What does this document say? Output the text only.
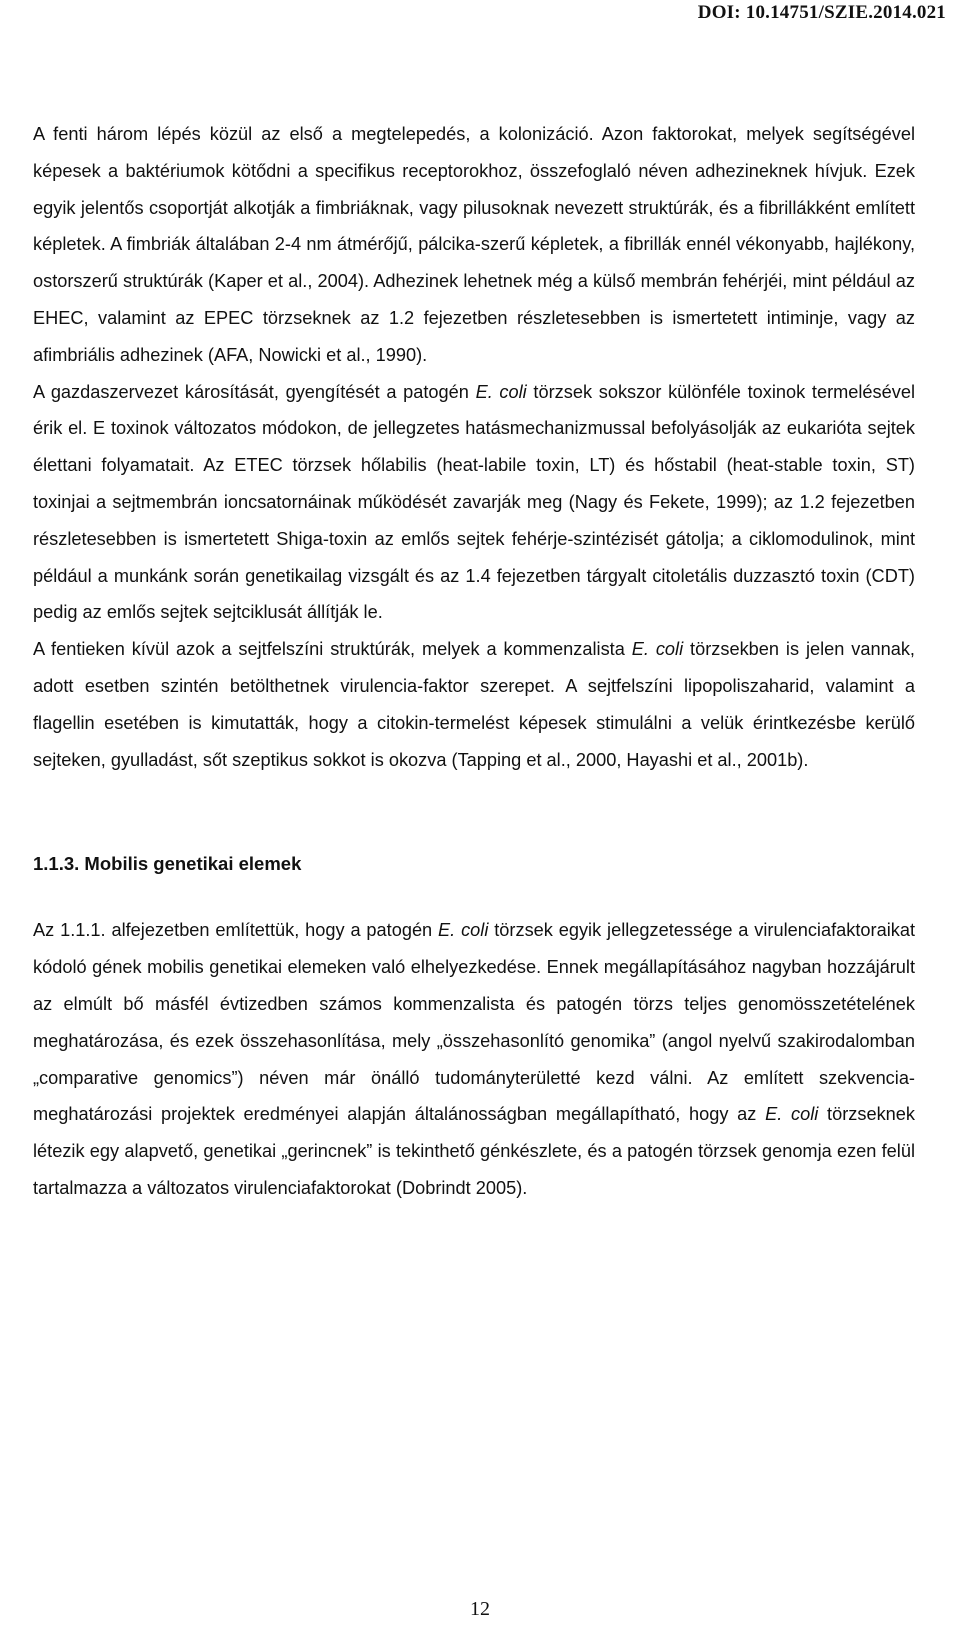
DOI: 10.14751/SZIE.2014.021

A fenti három lépés közül az első a megtelepedés, a kolonizáció. Azon faktorokat, melyek segítségével képesek a baktériumok kötődni a specifikus receptorokhoz, összefoglaló néven adhezineknek hívjuk. Ezek egyik jelentős csoportját alkotják a fimbriáknak, vagy pilusoknak nevezett struktúrák, és a fibrillákként említett képletek. A fimbriák általában 2-4 nm átmérőjű, pálcika-szerű képletek, a fibrillák ennél vékonyabb, hajlékony, ostorszerű struktúrák (Kaper et al., 2004). Adhezinek lehetnek még a külső membrán fehérjéi, mint például az EHEC, valamint az EPEC törzseknek az 1.2 fejezetben részletesebben is ismertetett intiminje, vagy az afimbriális adhezinek (AFA, Nowicki et al., 1990).

A gazdaszervezet károsítását, gyengítését a patogén E. coli törzsek sokszor különféle toxinok termelésével érik el. E toxinok változatos módokon, de jellegzetes hatásmechanizmussal befolyásolják az eukarióta sejtek élettani folyamatait. Az ETEC törzsek hőlabilis (heat-labile toxin, LT) és hőstabil (heat-stable toxin, ST) toxinjai a sejtmembrán ioncsatornáinak működését zavarják meg (Nagy és Fekete, 1999); az 1.2 fejezetben részletesebben is ismertetett Shiga-toxin az emlős sejtek fehérje-szintézisét gátolja; a ciklomodulinok, mint például a munkánk során genetikailag vizsgált és az 1.4 fejezetben tárgyalt citoletális duzzasztó toxin (CDT) pedig az emlős sejtek sejtciklusát állítják le.

A fentieken kívül azok a sejtfelszíni struktúrák, melyek a kommenzalista E. coli törzsekben is jelen vannak, adott esetben szintén betölthetnek virulencia-faktor szerepet. A sejtfelszíni lipopoliszaharid, valamint a flagellin esetében is kimutatták, hogy a citokin-termelést képesek stimulálni a velük érintkezésbe kerülő sejteken, gyulladást, sőt szeptikus sokkot is okozva (Tapping et al., 2000, Hayashi et al., 2001b).

1.1.3. Mobilis genetikai elemek

Az 1.1.1. alfejezetben említettük, hogy a patogén E. coli törzsek egyik jellegzetessége a virulenciafaktoraikat kódoló gének mobilis genetikai elemeken való elhelyezkedése. Ennek megállapításához nagyban hozzájárult az elmúlt bő másfél évtizedben számos kommenzalista és patogén törzs teljes genomösszetételének meghatározása, és ezek összehasonlítása, mely „összehasonlító genomika” (angol nyelvű szakirodalomban „comparative genomics”) néven már önálló tudományterületté kezd válni. Az említett szekvencia-meghatározási projektek eredményei alapján általánosságban megállapítható, hogy az E. coli törzseknek létezik egy alapvető, genetikai „gerincnek” is tekinthető génkészlete, és a patogén törzsek genomja ezen felül tartalmazza a változatos virulenciafaktorokat (Dobrindt 2005).

12
